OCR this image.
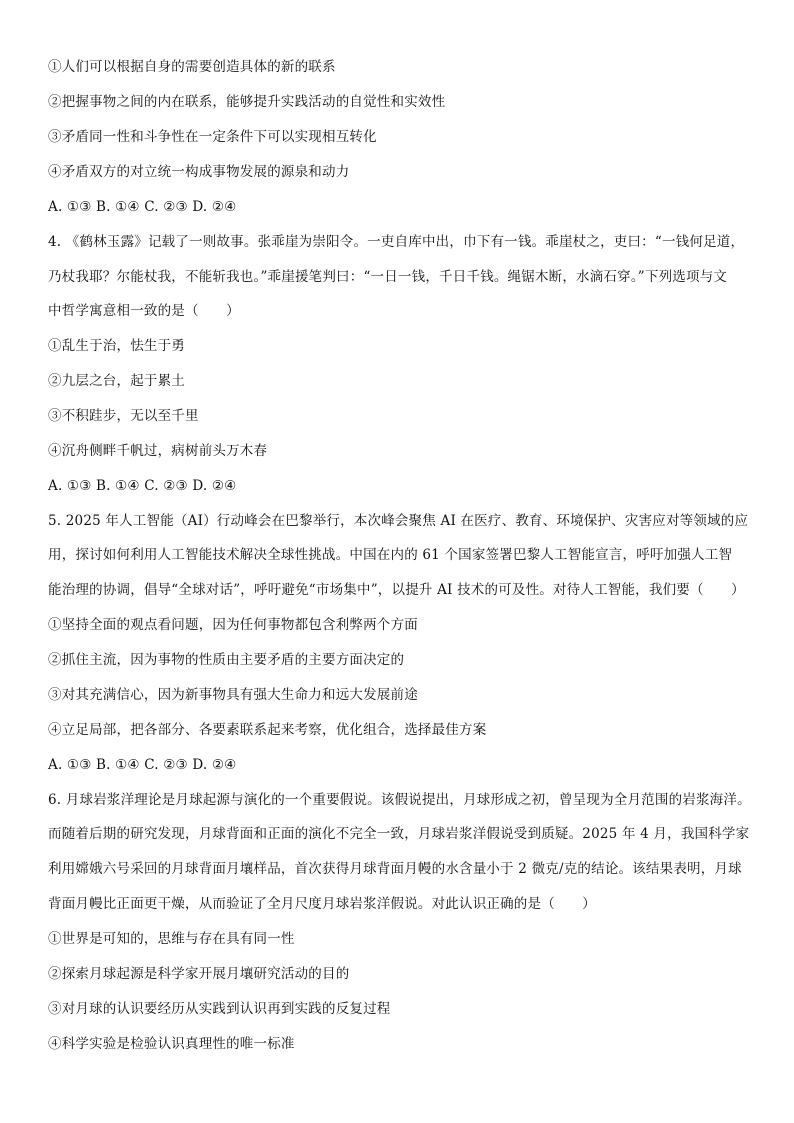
①人们可以根据自身的需要创造具体的新的联系
②把握事物之间的内在联系，能够提升实践活动的自觉性和实效性
③矛盾同一性和斗争性在一定条件下可以实现相互转化
④矛盾双方的对立统一构成事物发展的源泉和动力
A. ①③ B. ①④ C. ②③ D. ②④
4. 《鹤林玉露》记载了一则故事。张乖崖为崇阳令。一吏自库中出，巾下有一钱。乖崖杖之，吏曰：“一钱何足道，
乃杖我耶？尔能杖我，不能斩我也。”乖崖援笔判曰：“一日一钱，千日千钱。绳锯木断，水滴石穿。”下列选项与文
中哲学寓意相一致的是（　　）
①乱生于治，怯生于勇
②九层之台，起于累土
③不积跬步，无以至千里
④沉舟侧畔千帆过，病树前头万木春
A. ①③ B. ①④ C. ②③ D. ②④
5. 2025 年人工智能（AI）行动峰会在巴黎举行，本次峰会聚焦 AI 在医疗、教育、环境保护、灾害应对等领域的应
用，探讨如何利用人工智能技术解决全球性挑战。中国在内的 61 个国家签署巴黎人工智能宣言，呼吁加强人工智
能治理的协调，倡导“全球对话”，呼吁避免“市场集中”，以提升 AI 技术的可及性。对待人工智能，我们要（　　）
①坚持全面的观点看问题，因为任何事物都包含利弊两个方面
②抓住主流，因为事物的性质由主要矛盾的主要方面决定的
③对其充满信心，因为新事物具有强大生命力和远大发展前途
④立足局部，把各部分、各要素联系起来考察，优化组合，选择最佳方案
A. ①③ B. ①④ C. ②③ D. ②④
6. 月球岩浆洋理论是月球起源与演化的一个重要假说。该假说提出，月球形成之初，曾呈现为全月范围的岩浆海洋。
而随着后期的研究发现，月球背面和正面的演化不完全一致，月球岩浆洋假说受到质疑。2025 年 4 月，我国科学家
利用嫦娥六号采回的月球背面月壤样品，首次获得月球背面月幔的水含量小于 2 微克/克的结论。该结果表明，月球
背面月幔比正面更干燥，从而验证了全月尺度月球岩浆洋假说。对此认识正确的是（　　）
①世界是可知的，思维与存在具有同一性
②探索月球起源是科学家开展月壤研究活动的目的
③对月球的认识要经历从实践到认识再到实践的反复过程
④科学实验是检验认识真理性的唯一标准
